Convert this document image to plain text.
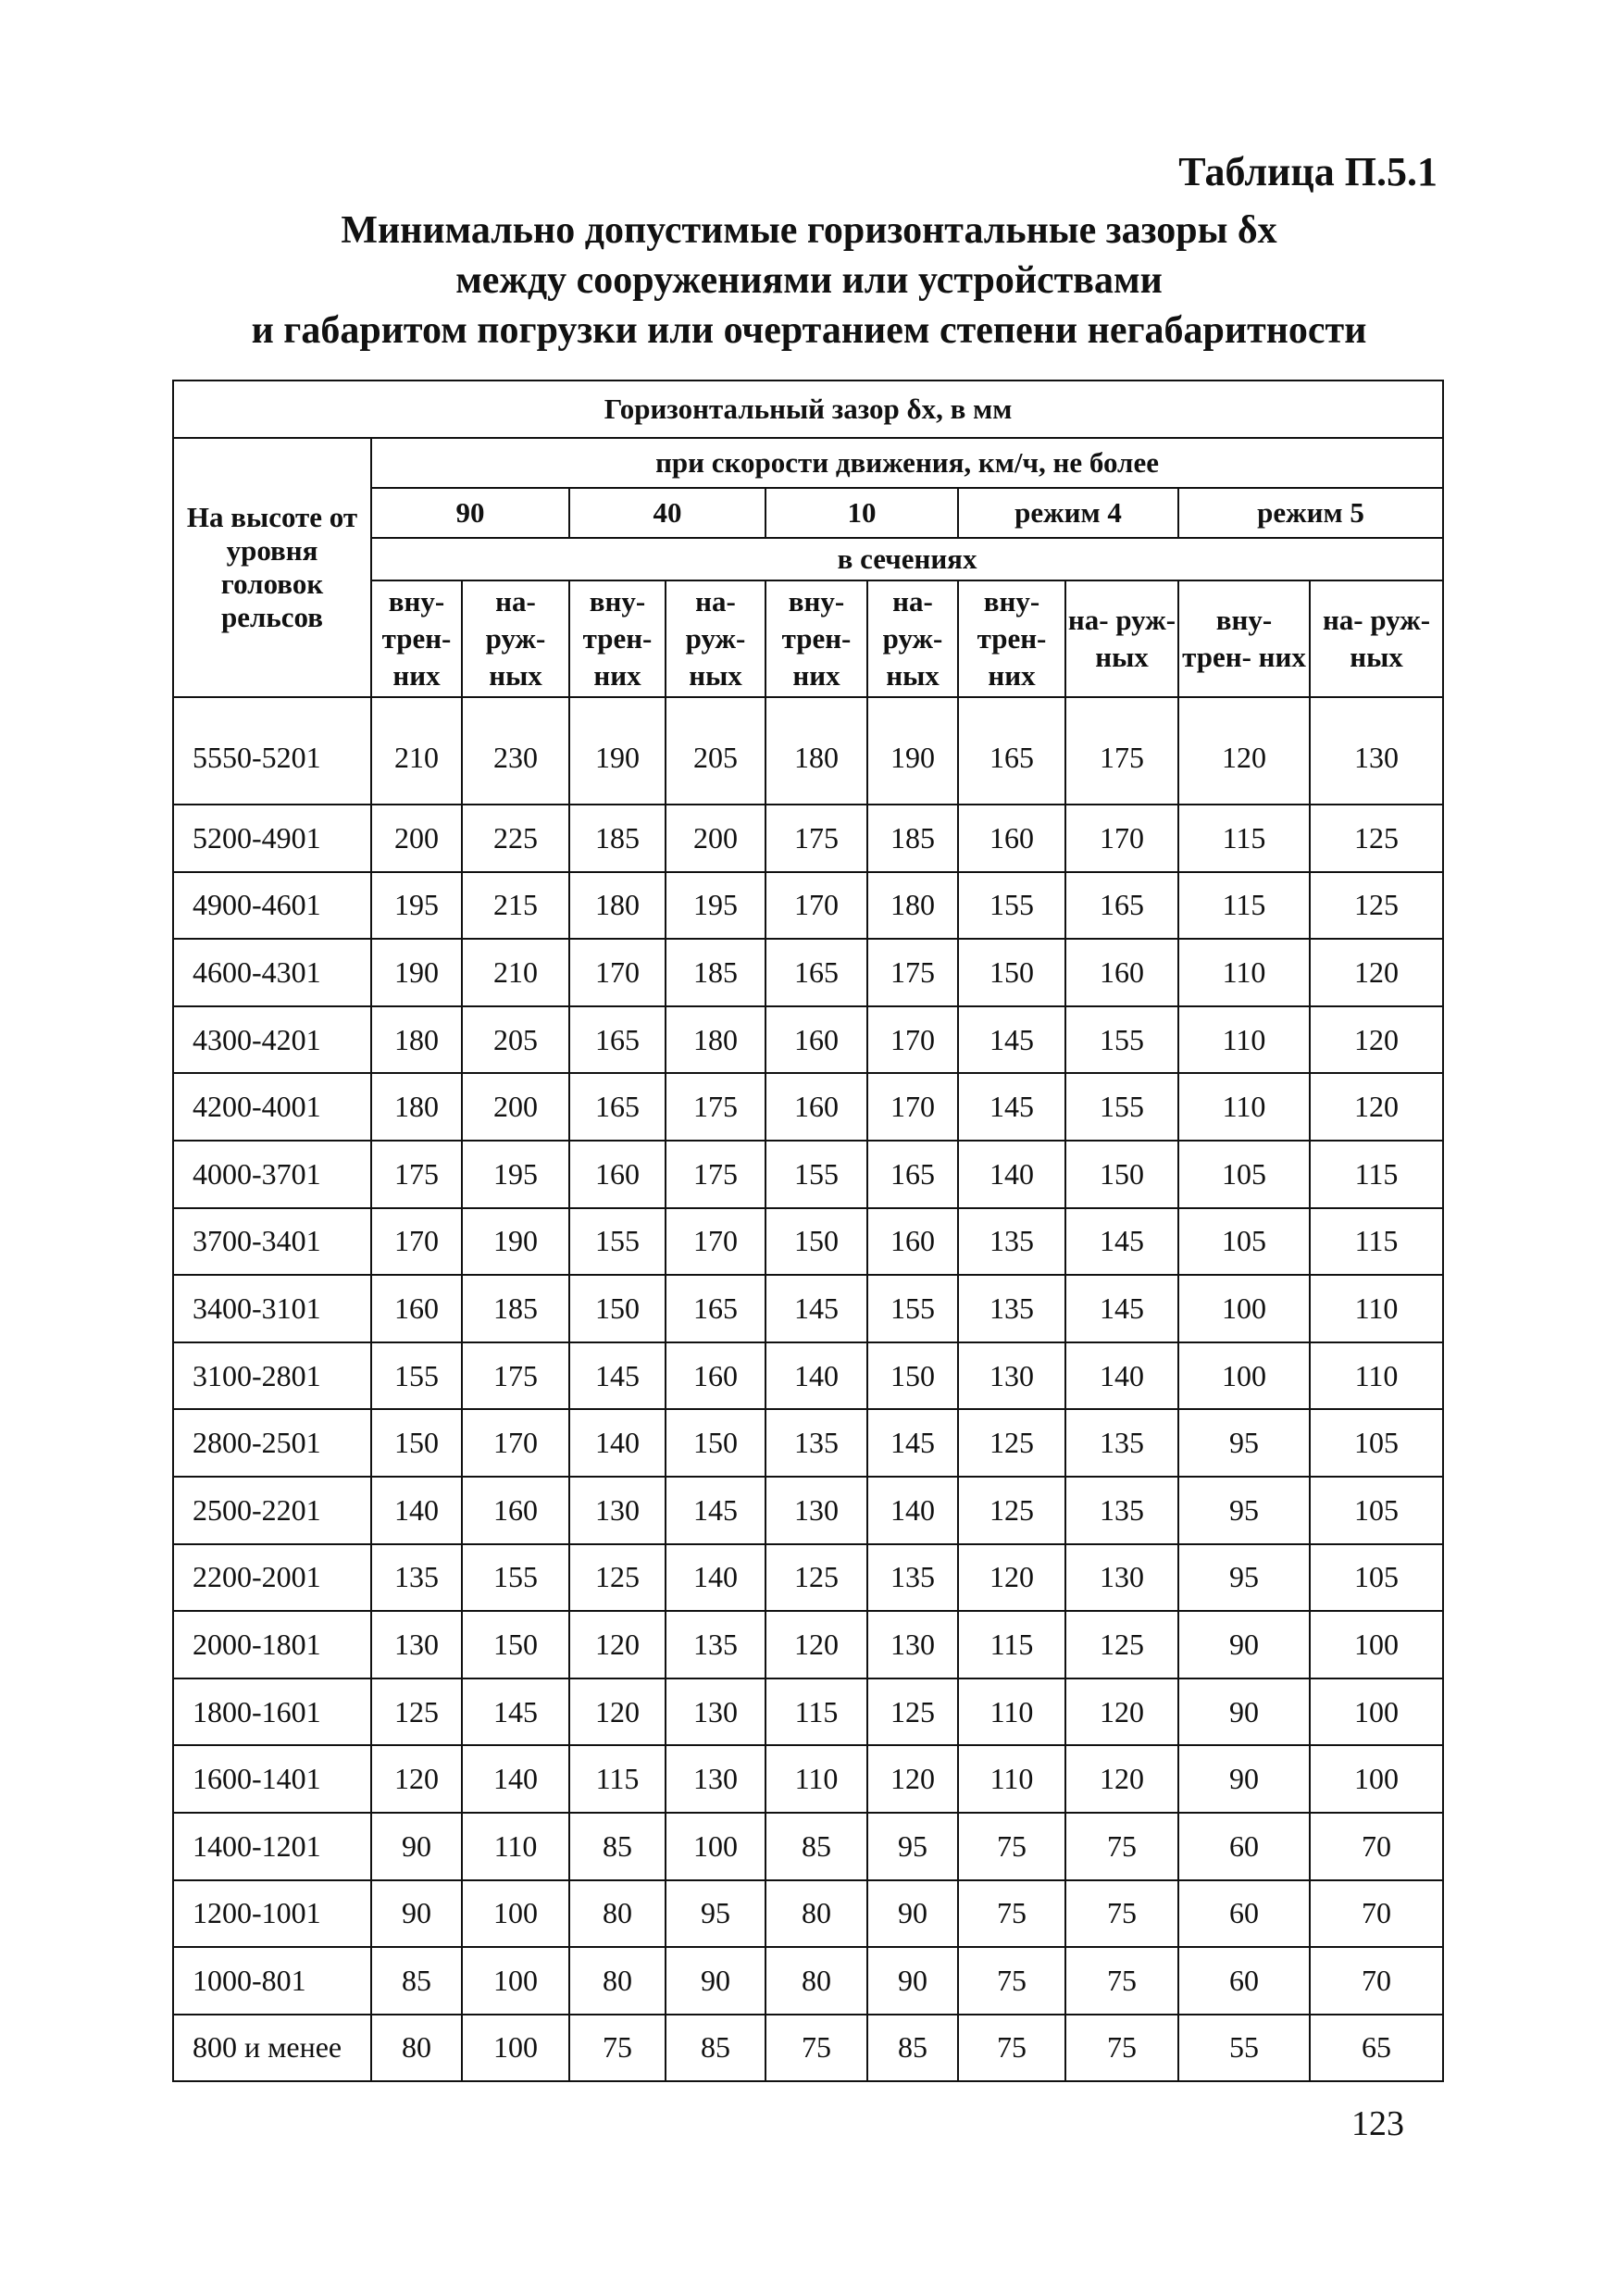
Таблица П.5.1
Минимально допустимые горизонтальные зазоры δx
между сооружениями или устройствами
и габаритом погрузки или очертанием степени негабаритности
Горизонтальный зазор δx, в мм										
На высоте от уровня головок рельсов	при скорости движения, км/ч, не более									
	90		40		10		режим 4		режим 5	
	в сечениях									
	вну- трен- них	на- руж- ных	вну- трен- них	на- руж- ных	вну- трен- них	на- руж- ных	вну- трен- них	на- руж- ных	вну- трен- них	на- руж- ных
5550-5201	210	230	190	205	180	190	165	175	120	130
5200-4901	200	225	185	200	175	185	160	170	115	125
4900-4601	195	215	180	195	170	180	155	165	115	125
4600-4301	190	210	170	185	165	175	150	160	110	120
4300-4201	180	205	165	180	160	170	145	155	110	120
4200-4001	180	200	165	175	160	170	145	155	110	120
4000-3701	175	195	160	175	155	165	140	150	105	115
3700-3401	170	190	155	170	150	160	135	145	105	115
3400-3101	160	185	150	165	145	155	135	145	100	110
3100-2801	155	175	145	160	140	150	130	140	100	110
2800-2501	150	170	140	150	135	145	125	135	95	105
2500-2201	140	160	130	145	130	140	125	135	95	105
2200-2001	135	155	125	140	125	135	120	130	95	105
2000-1801	130	150	120	135	120	130	115	125	90	100
1800-1601	125	145	120	130	115	125	110	120	90	100
1600-1401	120	140	115	130	110	120	110	120	90	100
1400-1201	90	110	85	100	85	95	75	75	60	70
1200-1001	90	100	80	95	80	90	75	75	60	70
1000-801	85	100	80	90	80	90	75	75	60	70
800 и менее	80	100	75	85	75	85	75	75	55	65

123
